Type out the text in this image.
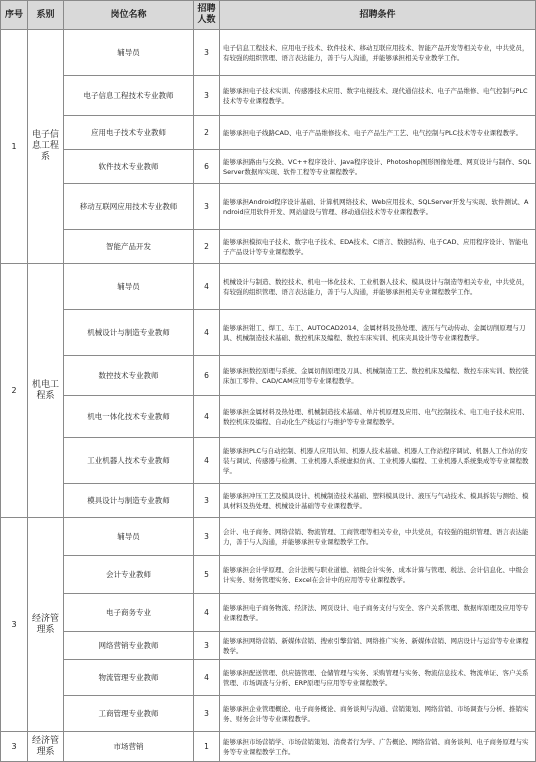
序号	系别	岗位名称	招聘人数	招聘条件
1	电子信息工程系	辅导员	3	电子信息工程技术、应用电子技术、软件技术、移动互联应用技术、智能产品开发等相关专业，中共党员，有较强的组织管理、语言表达能力，善于与人沟通，并能够承担相关专业教学工作。
		电子信息工程技术专业教师	3	能够承担电子技术实训、传感器技术应用、数字电视技术、现代通信技术、电子产品维修、电气控制与PLC技术等专业课程教学。
		应用电子技术专业教师	2	能够承担电子线路CAD、电子产品维修技术、电子产品生产工艺、电气控制与PLC技术等专业课程教学。
		软件技术专业教师	6	能够承担路由与交换、VC++程序设计、Java程序设计、Photoshop图形图像处理、网页设计与制作、SQLServer数据库实现、软件工程等专业课程教学。
		移动互联网应用技术专业教师	3	能够承担Android程序设计基础、计算机网络技术、Web应用技术、SQLServer开发与实现、软件测试、Android应用软件开发、网站建设与管理、移动通信技术等专业课程教学。
		智能产品开发	2	能够承担模拟电子技术、数字电子技术、EDA技术、C语言、数据结构、电子CAD、应用程序设计、智能电子产品设计等专业课程教学。
2	机电工程系	辅导员	4	机械设计与制造、数控技术、机电一体化技术、工业机器人技术、模具设计与制造等相关专业，中共党员，有较强的组织管理、语言表达能力，善于与人沟通，并能够承担相关专业课程教学工作。
		机械设计与制造专业教师	4	能够承担钳工、焊工、车工、AUTOCAD2014、金属材料及热处理、液压与气动传动、金属切削原理与刀具、机械制造技术基础、数控机床及编程、数控车床实训、机床夹具设计等专业课程教学。
		数控技术专业教师	6	能够承担数控原理与系统、金属切削原理及刀具、机械制造工艺、数控机床及编程、数控车床实训、数控铣床加工零件、CAD/CAM应用等专业课程教学。
		机电一体化技术专业教师	4	能够承担金属材料及热处理、机械制造技术基础、单片机原理及应用、电气控制技术、电工电子技术应用、数控机床及编程、自动化生产线运行与维护等专业课程教学。
		工业机器人技术专业教师	4	能够承担PLC与自动控制、机器人应用认知、机器人技术基础、机器人工作站程序调试、机器人工作站的安装与调试、传感器与检测、工业机器人系统虚拟仿真、工业机器人编程、工业机器人系统集成等专业课程教学。
		模具设计与制造专业教师	3	能够承担冲压工艺及模具设计、机械制造技术基础、塑料模具设计、液压与气动技术、模具拆装与测绘、模具材料及热处理、机械设计基础等专业课程教学。
3	经济管理系	辅导员	3	会计、电子商务、网络营销、物流管理、工商管理等相关专业，中共党员，有较强的组织管理、语言表达能力，善于与人沟通，并能够承担专业课程教学工作。
		会计专业教师	5	能够承担会计学原理、会计法规与职业道德、初级会计实务、成本计算与管理、税法、会计信息化、中级会计实务、财务管理实务、Excel在会计中的应用等专业课程教学。
		电子商务专业	4	能够承担电子商务物流、经济法、网页设计、电子商务支付与安全、客户关系管理、数据库原理及应用等专业课程教学。
		网络营销专业教师	3	能够承担网络营销、新媒体营销、搜索引擎营销、网络推广实务、新媒体营销、网店设计与运营等专业课程教学。
		物流管理专业教师	4	能够承担配送管理、供应链管理、仓储管理与实务、采购管理与实务、物流信息技术、物流单证、客户关系管理、市场调查与分析、ERP原理与应用等专业课程教学。
		工商管理专业教师	3	能够承担企业管理概论、电子商务概论、商务谈判与沟通、营销策划、网络营销、市场调查与分析、推销实务、财务会计等专业课程教学。
3	经济管理系	市场营销	1	能够承担市场营销学、市场营销策划、消费者行为学、广告概论、网络营销、商务谈判、电子商务原理与实务等专业课程教学工作。
